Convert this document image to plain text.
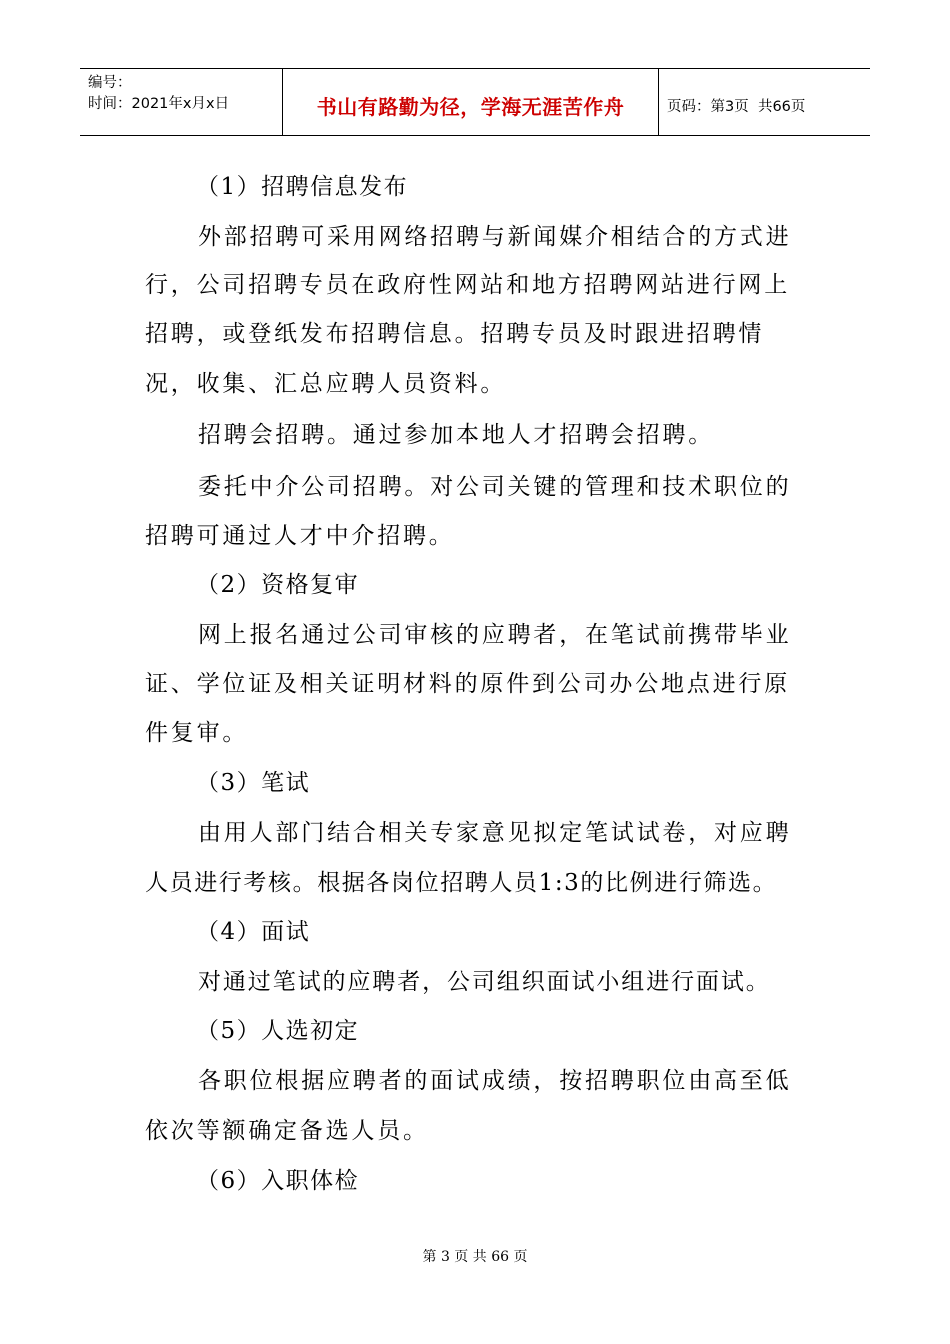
编号：
时间：2021年x月x日	书山有路勤为径，学海无涯苦作舟	页码：第3页  共66页
（1）招聘信息发布
外部招聘可采用网络招聘与新闻媒介相结合的方式进
行，公司招聘专员在政府性网站和地方招聘网站进行网上
招聘，或登纸发布招聘信息。招聘专员及时跟进招聘情
况，收集、汇总应聘人员资料。
招聘会招聘。通过参加本地人才招聘会招聘。
委托中介公司招聘。对公司关键的管理和技术职位的
招聘可通过人才中介招聘。
（2）资格复审
网上报名通过公司审核的应聘者，在笔试前携带毕业
证、学位证及相关证明材料的原件到公司办公地点进行原
件复审。
（3）笔试
由用人部门结合相关专家意见拟定笔试试卷，对应聘
人员进行考核。根据各岗位招聘人员1:3的比例进行筛选。
（4）面试
对通过笔试的应聘者，公司组织面试小组进行面试。
（5）人选初定
各职位根据应聘者的面试成绩，按招聘职位由高至低
依次等额确定备选人员。
（6）入职体检
第 3 页 共 66 页
